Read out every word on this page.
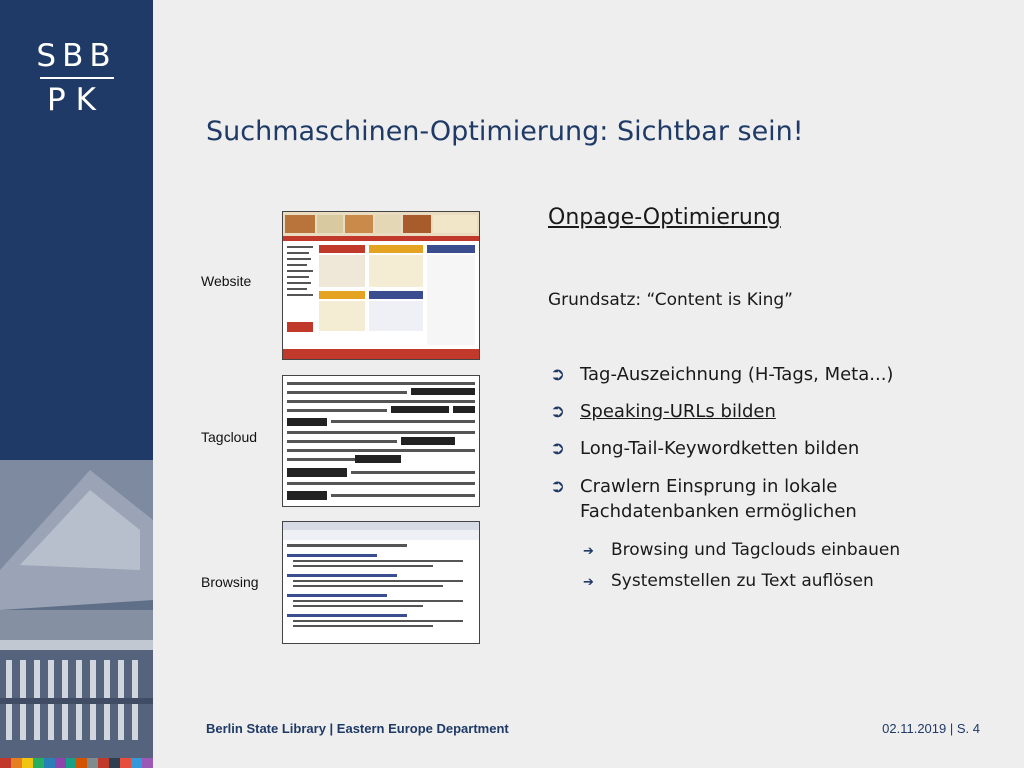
SBB
PK
Suchmaschinen-Optimierung: Sichtbar sein!
Website
Tagcloud
Browsing
Onpage-Optimierung
Grundsatz: “Content is King”
➲ Tag-Auszeichnung (H-Tags, Meta...)
➲ Speaking-URLs bilden
➲ Long-Tail-Keywordketten bilden
➲ Crawlern Einsprung in lokale
Fachdatenbanken ermöglichen
➔ Browsing und Tagclouds einbauen
➔ Systemstellen zu Text auflösen
Berlin State Library | Eastern Europe Department	02.11.2019 | S. 4
